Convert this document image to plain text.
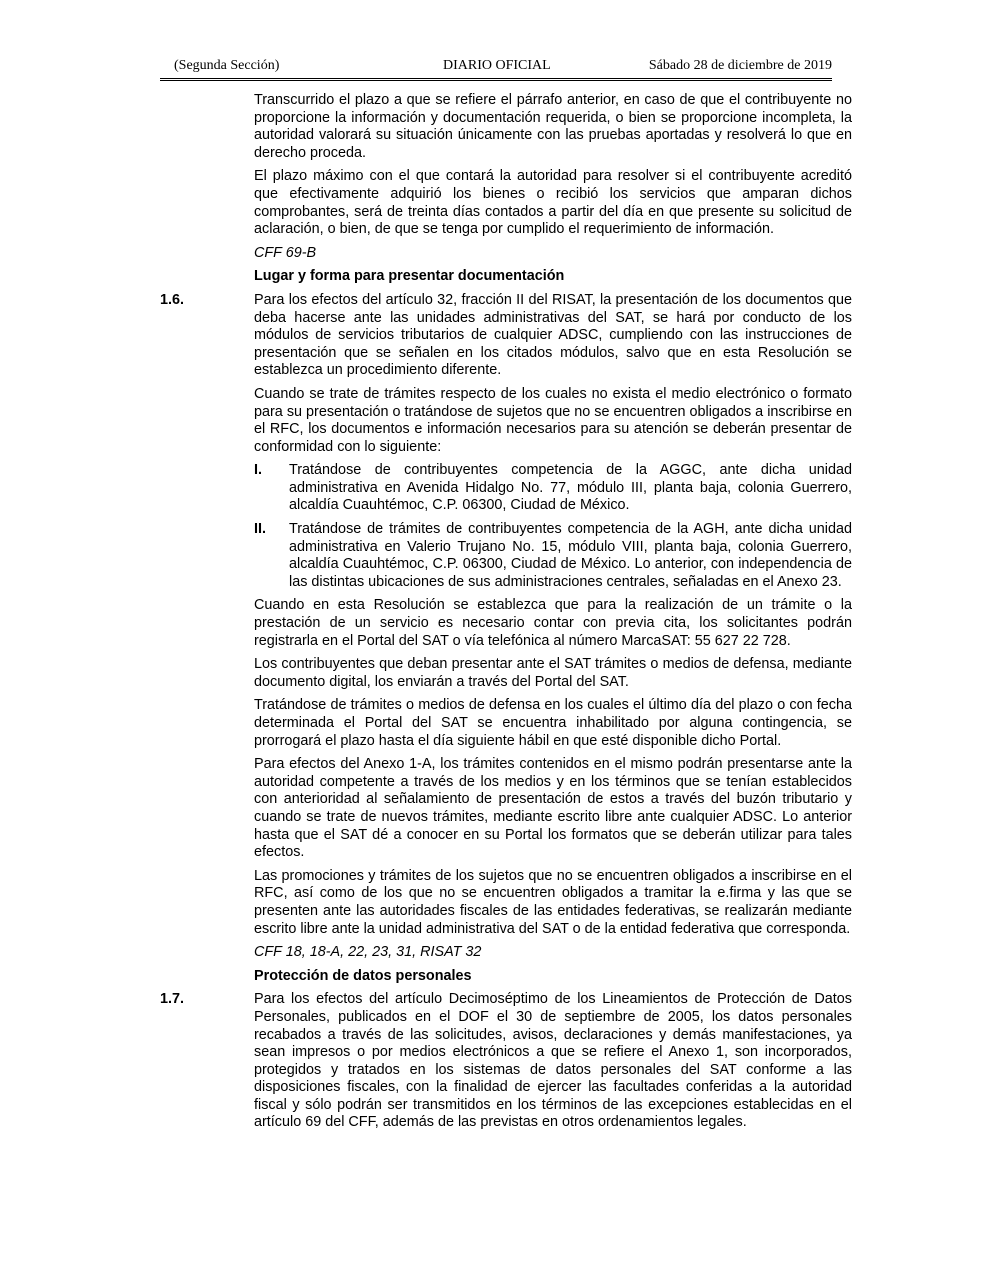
(Segunda Sección)	DIARIO OFICIAL	Sábado 28 de diciembre de 2019

Transcurrido el plazo a que se refiere el párrafo anterior, en caso de que el contribuyente no proporcione la información y documentación requerida, o bien se proporcione incompleta, la autoridad valorará su situación únicamente con las pruebas aportadas y resolverá lo que en derecho proceda.

El plazo máximo con el que contará la autoridad para resolver si el contribuyente acreditó que efectivamente adquirió los bienes o recibió los servicios que amparan dichos comprobantes, será de treinta días contados a partir del día en que presente su solicitud de aclaración, o bien, de que se tenga por cumplido el requerimiento de información.

CFF 69-B

Lugar y forma para presentar documentación

1.6.	Para los efectos del artículo 32, fracción II del RISAT, la presentación de los documentos que deba hacerse ante las unidades administrativas del SAT, se hará por conducto de los módulos de servicios tributarios de cualquier ADSC, cumpliendo con las instrucciones de presentación que se señalen en los citados módulos, salvo que en esta Resolución se establezca un procedimiento diferente.

Cuando se trate de trámites respecto de los cuales no exista el medio electrónico o formato para su presentación o tratándose de sujetos que no se encuentren obligados a inscribirse en el RFC, los documentos e información necesarios para su atención se deberán presentar de conformidad con lo siguiente:

I. Tratándose de contribuyentes competencia de la AGGC, ante dicha unidad administrativa en Avenida Hidalgo No. 77, módulo III, planta baja, colonia Guerrero, alcaldía Cuauhtémoc, C.P. 06300, Ciudad de México.
II. Tratándose de trámites de contribuyentes competencia de la AGH, ante dicha unidad administrativa en Valerio Trujano No. 15, módulo VIII, planta baja, colonia Guerrero, alcaldía Cuauhtémoc, C.P. 06300, Ciudad de México. Lo anterior, con independencia de las distintas ubicaciones de sus administraciones centrales, señaladas en el Anexo 23.

Cuando en esta Resolución se establezca que para la realización de un trámite o la prestación de un servicio es necesario contar con previa cita, los solicitantes podrán registrarla en el Portal del SAT o vía telefónica al número MarcaSAT: 55 627 22 728.

Los contribuyentes que deban presentar ante el SAT trámites o medios de defensa, mediante documento digital, los enviarán a través del Portal del SAT.

Tratándose de trámites o medios de defensa en los cuales el último día del plazo o con fecha determinada el Portal del SAT se encuentra inhabilitado por alguna contingencia, se prorrogará el plazo hasta el día siguiente hábil en que esté disponible dicho Portal.

Para efectos del Anexo 1-A, los trámites contenidos en el mismo podrán presentarse ante la autoridad competente a través de los medios y en los términos que se tenían establecidos con anterioridad al señalamiento de presentación de estos a través del buzón tributario y cuando se trate de nuevos trámites, mediante escrito libre ante cualquier ADSC. Lo anterior hasta que el SAT dé a conocer en su Portal los formatos que se deberán utilizar para tales efectos.

Las promociones y trámites de los sujetos que no se encuentren obligados a inscribirse en el RFC, así como de los que no se encuentren obligados a tramitar la e.firma y las que se presenten ante las autoridades fiscales de las entidades federativas, se realizarán mediante escrito libre ante la unidad administrativa del SAT o de la entidad federativa que corresponda.

CFF 18, 18-A, 22, 23, 31, RISAT 32

Protección de datos personales

1.7.	Para los efectos del artículo Decimoséptimo de los Lineamientos de Protección de Datos Personales, publicados en el DOF el 30 de septiembre de 2005, los datos personales recabados a través de las solicitudes, avisos, declaraciones y demás manifestaciones, ya sean impresos o por medios electrónicos a que se refiere el Anexo 1, son incorporados, protegidos y tratados en los sistemas de datos personales del SAT conforme a las disposiciones fiscales, con la finalidad de ejercer las facultades conferidas a la autoridad fiscal y sólo podrán ser transmitidos en los términos de las excepciones establecidas en el artículo 69 del CFF, además de las previstas en otros ordenamientos legales.
